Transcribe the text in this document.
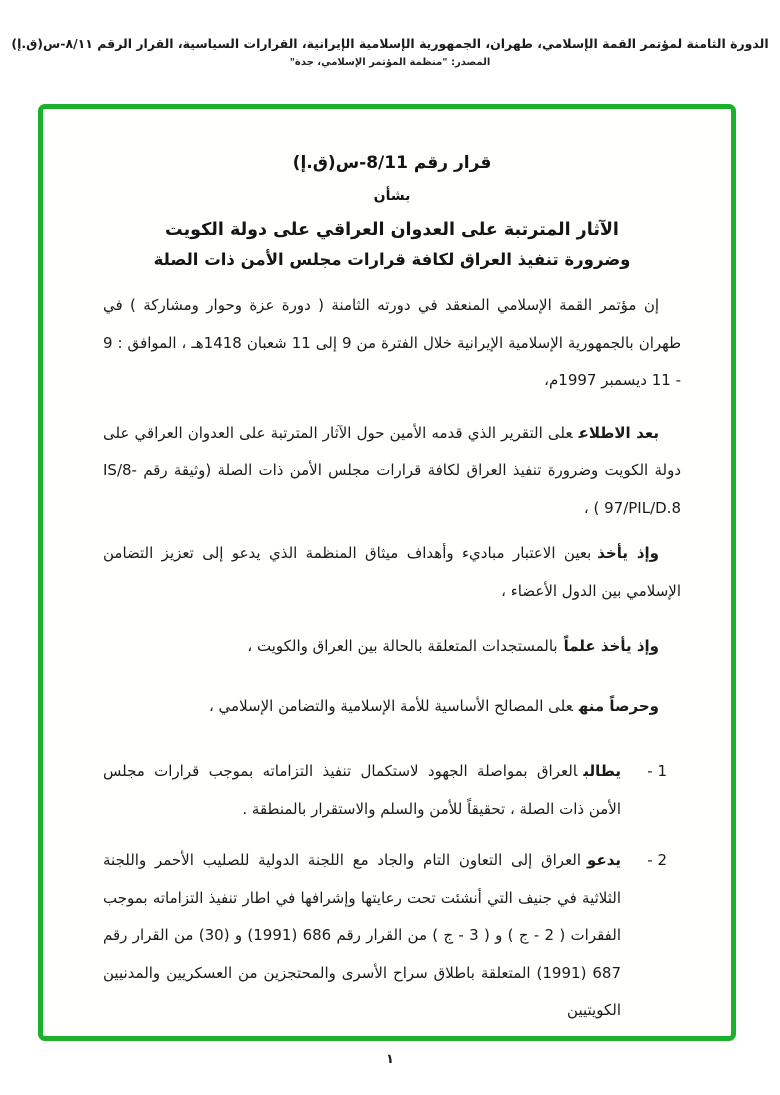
الدورة الثامنة لمؤتمر القمة الإسلامي، طهران، الجمهورية الإسلامية الإيرانية، القرارات السياسية، القرار الرقم ٨/١١-س(ق.إ)
المصدر: "منظمة المؤتمر الإسلامي، جدة"
قرار رقم 8/11-س(ق.إ)
بشأن
الآثار المترتبة على العدوان العراقي على دولة الكويت
وضرورة تنفيذ العراق لكافة قرارات مجلس الأمن ذات الصلة

إن مؤتمر القمة الإسلامي المنعقد في دورته الثامنة ( دورة عزة وحوار ومشاركة ) في طهران بالجمهورية الإسلامية الإيرانية خلال الفترة من 9 إلى 11 شعبان 1418هـ ، الموافق : 9 - 11 ديسمبر 1997م،

بعد الاطلاععلى التقرير الذي قدمه الأمين حول الآثار المترتبة على العدوان العراقي على دولة الكويت وضرورة تنفيذ العراق لكافة قرارات مجلس الأمن ذات الصلة (وثيقة رقم IS/8-97/PIL/D.8 ) ،

وإذ يأخذبعين الاعتبار مباديء وأهداف ميثاق المنظمة الذي يدعو إلى تعزيز التضامن الإسلامي بين الدول الأعضاء ،

وإذ يأخذ علماًبالمستجدات المتعلقة بالحالة بين العراق والكويت ،

وحرصاً منهعلى المصالح الأساسية للأمة الإسلامية والتضامن الإسلامي ،

1 -
يطالبالعراق بمواصلة الجهود لاستكمال تنفيذ التزاماته بموجب قرارات مجلس الأمن ذات الصلة ، تحقيقاً للأمن والسلم والاستقرار بالمنطقة .
2 -
يدعوالعراق إلى التعاون التام والجاد مع اللجنة الدولية للصليب الأحمر واللجنة الثلاثية في جنيف التي أنشئت تحت رعايتها وإشرافها في اطار تنفيذ التزاماته بموجب الفقرات ( 2 - ج ) و ( 3 - ج ) من القرار رقم 686 (1991) و (30) من القرار رقم 687 (1991) المتعلقة باطلاق سراح الأسرى والمحتجزين من العسكريين والمدنيين الكويتيين
١
